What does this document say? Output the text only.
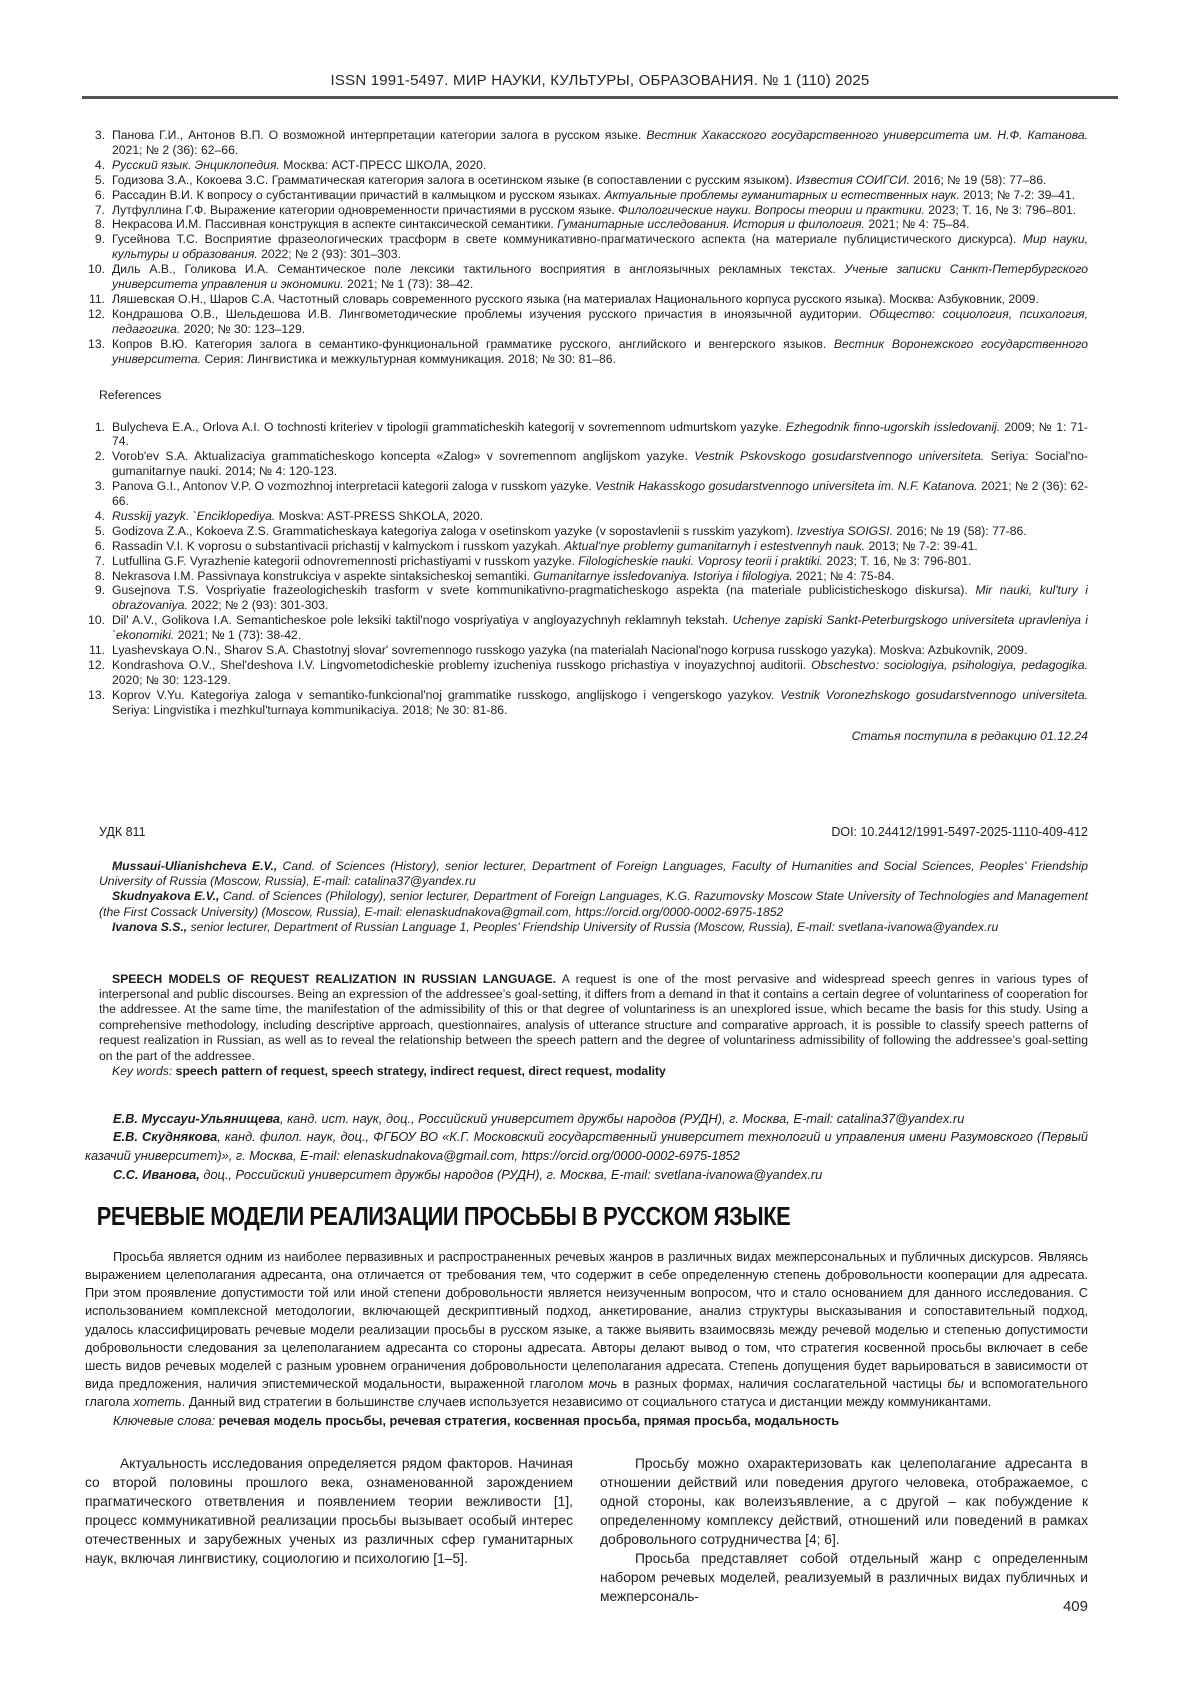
ISSN 1991-5497. МИР НАУКИ, КУЛЬТУРЫ, ОБРАЗОВАНИЯ. № 1 (110) 2025
3. Панова Г.И., Антонов В.П. О возможной интерпретации категории залога в русском языке. Вестник Хакасского государственного университета им. Н.Ф. Катанова. 2021; № 2 (36): 62–66.
4. Русский язык. Энциклопедия. Москва: АСТ-ПРЕСС ШКОЛА, 2020.
5. Годизова З.А., Кокоева З.С. Грамматическая категория залога в осетинском языке (в сопоставлении с русским языком). Известия СОИГСИ. 2016; № 19 (58): 77–86.
6. Рассадин В.И. К вопросу о субстантивации причастий в калмыцком и русском языках. Актуальные проблемы гуманитарных и естественных наук. 2013; № 7-2: 39–41.
7. Лутфуллина Г.Ф. Выражение категории одновременности причастиями в русском языке. Филологические науки. Вопросы теории и практики. 2023; Т. 16, № 3: 796–801.
8. Некрасова И.М. Пассивная конструкция в аспекте синтаксической семантики. Гуманитарные исследования. История и филология. 2021; № 4: 75–84.
9. Гусейнова Т.С. Восприятие фразеологических трасформ в свете коммуникативно-прагматического аспекта (на материале публицистического дискурса). Мир науки, культуры и образования. 2022; № 2 (93): 301–303.
10. Диль А.В., Голикова И.А. Семантическое поле лексики тактильного восприятия в англоязычных рекламных текстах. Ученые записки Санкт-Петербургского университета управления и экономики. 2021; № 1 (73): 38–42.
11. Ляшевская О.Н., Шаров С.А. Частотный словарь современного русского языка (на материалах Национального корпуса русского языка). Москва: Азбуковник, 2009.
12. Кондрашова О.В., Шельдешова И.В. Лингвометодические проблемы изучения русского причастия в иноязычной аудитории. Общество: социология, психология, педагогика. 2020; № 30: 123–129.
13. Копров В.Ю. Категория залога в семантико-функциональной грамматике русского, английского и венгерского языков. Вестник Воронежского государственного университета. Серия: Лингвистика и межкультурная коммуникация. 2018; № 30: 81–86.
References
1. Bulycheva E.A., Orlova A.I. O tochnosti kriteriev v tipologii grammaticheskih kategorij v sovremennom udmurtskom yazyke. Ezhegodnik finno-ugorskih issledovanij. 2009; № 1: 71-74.
2. Vorob'ev S.A. Aktualizaciya grammaticheskogo koncepta «Zalog» v sovremennom anglijskom yazyke. Vestnik Pskovskogo gosudarstvennogo universiteta. Seriya: Social'no-gumanitarnye nauki. 2014; № 4: 120-123.
3. Panova G.I., Antonov V.P. O vozmozhnoj interpretacii kategorii zaloga v russkom yazyke. Vestnik Hakasskogo gosudarstvennogo universiteta im. N.F. Katanova. 2021; № 2 (36): 62-66.
4. Russkij yazyk. `Enciklopediya. Moskva: AST-PRESS ShKOLA, 2020.
5. Godizova Z.A., Kokoeva Z.S. Grammaticheskaya kategoriya zaloga v osetinskom yazyke (v sopostavlenii s russkim yazykom). Izvestiya SOIGSI. 2016; № 19 (58): 77-86.
6. Rassadin V.I. K voprosu o substantivacii prichastij v kalmyckom i russkom yazykah. Aktual'nye problemy gumanitarnyh i estestvennyh nauk. 2013; № 7-2: 39-41.
7. Lutfullina G.F. Vyrazhenie kategorii odnovremennosti prichastiyami v russkom yazyke. Filologicheskie nauki. Voprosy teorii i praktiki. 2023; T. 16, № 3: 796-801.
8. Nekrasova I.M. Passivnaya konstrukciya v aspekte sintaksicheskoj semantiki. Gumanitarnye issledovaniya. Istoriya i filologiya. 2021; № 4: 75-84.
9. Gusejnova T.S. Vospriyatie frazeologicheskih trasform v svete kommunikativno-pragmaticheskogo aspekta (na materiale publicisticheskogo diskursa). Mir nauki, kul'tury i obrazovaniya. 2022; № 2 (93): 301-303.
10. Dil' A.V., Golikova I.A. Semanticheskoe pole leksiki taktil'nogo vospriyatiya v angloyazychnyh reklamnyh tekstah. Uchenye zapiski Sankt-Peterburgskogo universiteta upravleniya i `ekonomiki. 2021; № 1 (73): 38-42.
11. Lyashevskaya O.N., Sharov S.A. Chastotnyj slovar' sovremennogo russkogo yazyka (na materialah Nacional'nogo korpusa russkogo yazyka). Moskva: Azbukovnik, 2009.
12. Kondrashova O.V., Shel'deshova I.V. Lingvometodicheskie problemy izucheniya russkogo prichastiya v inoyazychnoj auditorii. Obschestvo: sociologiya, psihologiya, pedagogika. 2020; № 30: 123-129.
13. Koprov V.Yu. Kategoriya zaloga v semantiko-funkcional'noj grammatike russkogo, anglijskogo i vengerskogo yazykov. Vestnik Voronezhskogo gosudarstvennogo universiteta. Seriya: Lingvistika i mezhkul'turnaya kommunikaciya. 2018; № 30: 81-86.
Статья поступила в редакцию 01.12.24
УДК 811	DOI: 10.24412/1991-5497-2025-1110-409-412
Mussaui-Ulianishcheva E.V., Cand. of Sciences (History), senior lecturer, Department of Foreign Languages, Faculty of Humanities and Social Sciences, Peoples’ Friendship University of Russia (Moscow, Russia), E-mail: catalina37@yandex.ru
Skudnyakova E.V., Cand. of Sciences (Philology), senior lecturer, Department of Foreign Languages, K.G. Razumovsky Moscow State University of Technologies and Management (the First Cossack University) (Moscow, Russia), E-mail: elenaskudnakova@gmail.com, https://orcid.org/0000-0002-6975-1852
Ivanova S.S., senior lecturer, Department of Russian Language 1, Peoples’ Friendship University of Russia (Moscow, Russia), E-mail: svetlana-ivanowa@yandex.ru

SPEECH MODELS OF REQUEST REALIZATION IN RUSSIAN LANGUAGE. A request is one of the most pervasive and widespread speech genres in various types of interpersonal and public discourses. Being an expression of the addressee’s goal-setting, it differs from a demand in that it contains a certain degree of voluntariness of cooperation for the addressee. At the same time, the manifestation of the admissibility of this or that degree of voluntariness is an unexplored issue, which became the basis for this study. Using a comprehensive methodology, including descriptive approach, questionnaires, analysis of utterance structure and comparative approach, it is possible to classify speech patterns of request realization in Russian, as well as to reveal the relationship between the speech pattern and the degree of voluntariness admissibility of following the addressee’s goal-setting on the part of the addressee.

Key words: speech pattern of request, speech strategy, indirect request, direct request, modality

Е.В. Муссауи-Ульянищева, канд. ист. наук, доц., Российский университет дружбы народов (РУДН), г. Москва, E-mail: catalina37@yandex.ru
Е.В. Скуднякова, канд. филол. наук, доц., ФГБОУ ВО «К.Г. Московский государственный университет технологий и управления имени Разумовского (Первый казачий университет)», г. Москва, E-mail: elenaskudnakova@gmail.com, https://orcid.org/0000-0002-6975-1852
С.С. Иванова, доц., Российский университет дружбы народов (РУДН), г. Москва, E-mail: svetlana-ivanowa@yandex.ru
РЕЧЕВЫЕ МОДЕЛИ РЕАЛИЗАЦИИ ПРОСЬБЫ В РУССКОМ ЯЗЫКЕ

Просьба является одним из наиболее первазивных и распространенных речевых жанров в различных видах межперсональных и публичных дискурсов. Являясь выражением целеполагания адресанта, она отличается от требования тем, что содержит в себе определенную степень добровольности кооперации для адресата. При этом проявление допустимости той или иной степени добровольности является неизученным вопросом, что и стало основанием для данного исследования. С использованием комплексной методологии, включающей дескриптивный подход, анкетирование, анализ структуры высказывания и сопоставительный подход, удалось классифицировать речевые модели реализации просьбы в русском языке, а также выявить взаимосвязь между речевой моделью и степенью допустимости добровольности следования за целеполаганием адресанта со стороны адресата. Авторы делают вывод о том, что стратегия косвенной просьбы включает в себе шесть видов речевых моделей с разным уровнем ограничения добровольности целеполагания адресата. Степень допущения будет варьироваться в зависимости от вида предложения, наличия эпистемической модальности, выраженной глаголом мочь в разных формах, наличия сослагательной частицы бы и вспомогательного глагола хотеть. Данный вид стратегии в большинстве случаев используется независимо от социального статуса и дистанции между коммуникантами.

Ключевые слова: речевая модель просьбы, речевая стратегия, косвенная просьба, прямая просьба, модальность

Актуальность исследования определяется рядом факторов. Начиная со второй половины прошлого века, ознаменованной зарождением прагматического ответвления и появлением теории вежливости [1], процесс коммуникативной реализации просьбы вызывает особый интерес отечественных и зарубежных ученых из различных сфер гуманитарных наук, включая лингвистику, социологию и психологию [1–5].

Просьбу можно охарактеризовать как целеполагание адресанта в отношении действий или поведения другого человека, отображаемое, с одной стороны, как волеизъявление, а с другой – как побуждение к определенному комплексу действий, отношений или поведений в рамках добровольного сотрудничества [4; 6].

Просьба представляет собой отдельный жанр с определенным набором речевых моделей, реализуемый в различных видах публичных и межперсональ-

409
